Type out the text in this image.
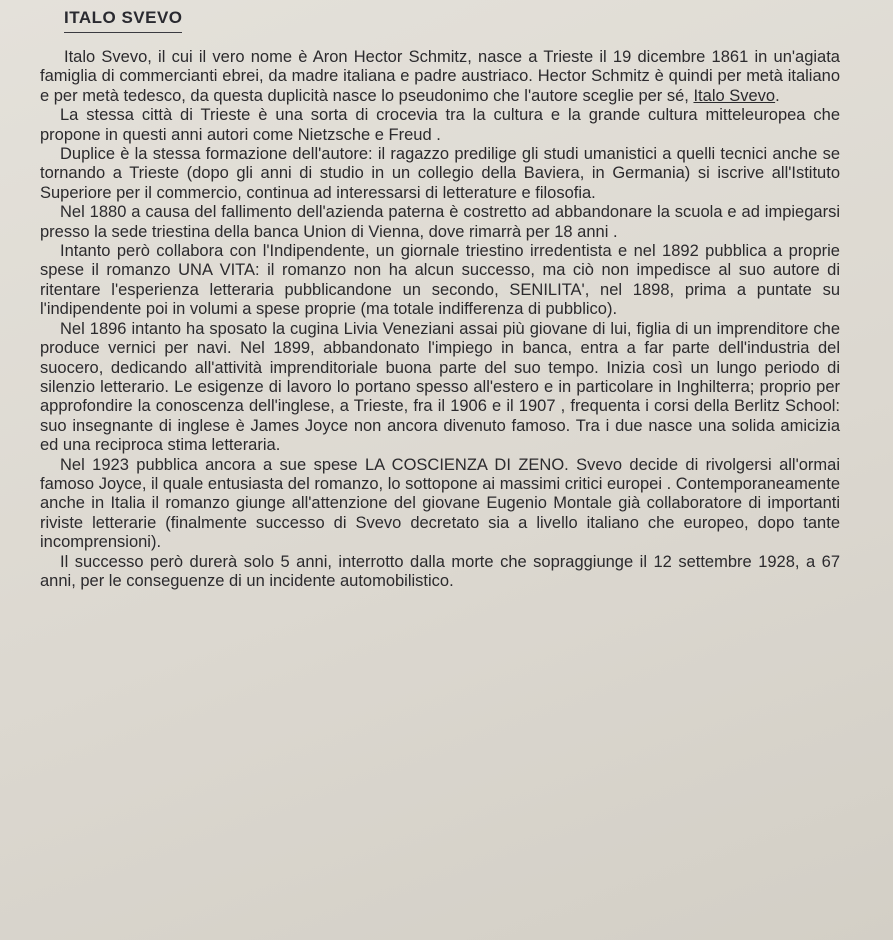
ITALO SVEVO

Italo Svevo, il cui il vero nome è Aron Hector Schmitz, nasce a Trieste il 19 dicembre 1861 in un'agiata famiglia di commercianti ebrei, da madre italiana e padre austriaco. Hector Schmitz è quindi per metà italiano e per metà tedesco, da questa duplicità nasce lo pseudonimo che l'autore sceglie per sé, Italo Svevo.

La stessa città di Trieste è una sorta di crocevia tra la cultura e la grande cultura mitteleuropea che propone in questi anni autori come Nietzsche e Freud .

Duplice è la stessa formazione dell'autore: il ragazzo predilige gli studi umanistici a quelli tecnici anche se tornando a Trieste (dopo gli anni di studio in un collegio della Baviera, in Germania) si iscrive all'Istituto Superiore per il commercio, continua ad interessarsi di letterature e filosofia.

Nel 1880 a causa del fallimento dell'azienda paterna è costretto ad abbandonare la scuola e ad impiegarsi presso la sede triestina della banca Union di Vienna, dove rimarrà per 18 anni .

Intanto però collabora con l'Indipendente, un giornale triestino irredentista e nel 1892 pubblica a proprie spese il romanzo UNA VITA: il romanzo non ha alcun successo, ma ciò non impedisce al suo autore di ritentare l'esperienza letteraria pubblicandone un secondo, SENILITA', nel 1898, prima a puntate su l'indipendente poi in volumi a spese proprie (ma totale indifferenza di pubblico).

Nel 1896 intanto ha sposato la cugina Livia Veneziani assai più giovane di lui, figlia di un imprenditore che produce vernici per navi. Nel 1899, abbandonato l'impiego in banca, entra a far parte dell'industria del suocero, dedicando all'attività imprenditoriale buona parte del suo tempo. Inizia così un lungo periodo di silenzio letterario. Le esigenze di lavoro lo portano spesso all'estero e in particolare in Inghilterra; proprio per approfondire la conoscenza dell'inglese, a Trieste, fra il 1906 e il 1907 , frequenta i corsi della Berlitz School: suo insegnante di inglese è James Joyce non ancora divenuto famoso. Tra i due nasce una solida amicizia ed una reciproca stima letteraria.

Nel 1923 pubblica ancora a sue spese LA COSCIENZA DI ZENO. Svevo decide di rivolgersi all'ormai famoso Joyce, il quale entusiasta del romanzo, lo sottopone ai massimi critici europei . Contemporaneamente anche in Italia il romanzo giunge all'attenzione del giovane Eugenio Montale già collaboratore di importanti riviste letterarie (finalmente successo di Svevo decretato sia a livello italiano che europeo, dopo tante incomprensioni).

Il successo però durerà solo 5 anni, interrotto dalla morte che sopraggiunge il 12 settembre 1928, a 67 anni, per le conseguenze di un incidente automobilistico.
